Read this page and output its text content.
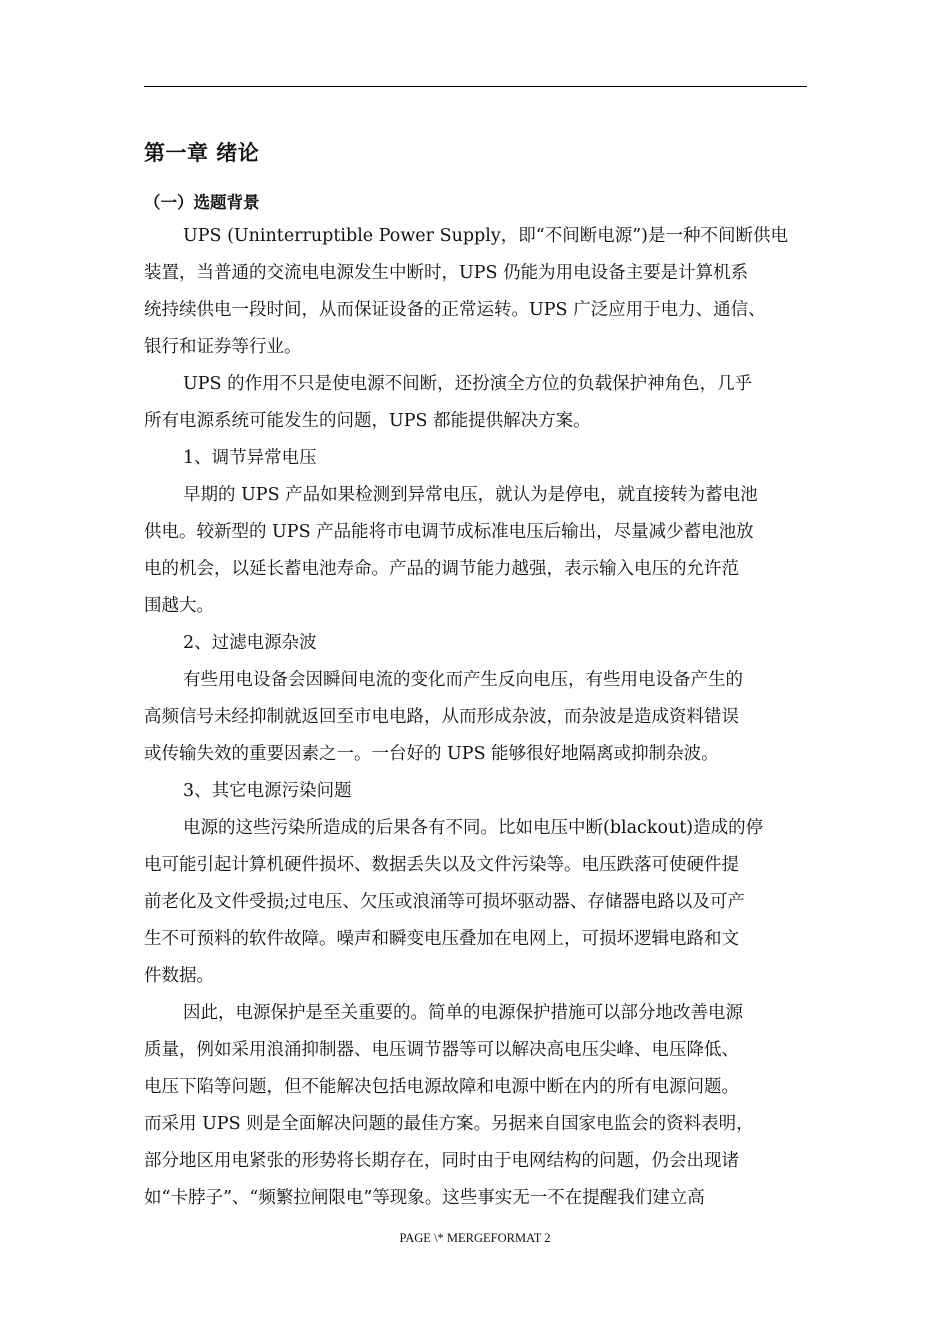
第一章 绪论
（一）选题背景
UPS (Uninterruptible Power Supply，即“不间断电源”)是一种不间断供电
装置，当普通的交流电电源发生中断时，UPS 仍能为用电设备主要是计算机系
统持续供电一段时间，从而保证设备的正常运转。UPS 广泛应用于电力、通信、
银行和证券等行业。
UPS 的作用不只是使电源不间断，还扮演全方位的负载保护神角色，几乎
所有电源系统可能发生的问题，UPS 都能提供解决方案。
1、调节异常电压
早期的 UPS 产品如果检测到异常电压，就认为是停电，就直接转为蓄电池
供电。较新型的 UPS 产品能将市电调节成标准电压后输出，尽量减少蓄电池放
电的机会，以延长蓄电池寿命。产品的调节能力越强，表示输入电压的允许范
围越大。
2、过滤电源杂波
有些用电设备会因瞬间电流的变化而产生反向电压，有些用电设备产生的
高频信号未经抑制就返回至市电电路，从而形成杂波，而杂波是造成资料错误
或传输失效的重要因素之一。一台好的 UPS 能够很好地隔离或抑制杂波。
3、其它电源污染问题
电源的这些污染所造成的后果各有不同。比如电压中断(blackout)造成的停
电可能引起计算机硬件损坏、数据丢失以及文件污染等。电压跌落可使硬件提
前老化及文件受损;过电压、欠压或浪涌等可损坏驱动器、存储器电路以及可产
生不可预料的软件故障。噪声和瞬变电压叠加在电网上，可损坏逻辑电路和文
件数据。
因此，电源保护是至关重要的。简单的电源保护措施可以部分地改善电源
质量，例如采用浪涌抑制器、电压调节器等可以解决高电压尖峰、电压降低、
电压下陷等问题，但不能解决包括电源故障和电源中断在内的所有电源问题。
而采用 UPS 则是全面解决问题的最佳方案。另据来自国家电监会的资料表明，
部分地区用电紧张的形势将长期存在，同时由于电网结构的问题，仍会出现诸
如“卡脖子”、“频繁拉闸限电”等现象。这些事实无一不在提醒我们建立高
PAGE \* MERGEFORMAT 2
